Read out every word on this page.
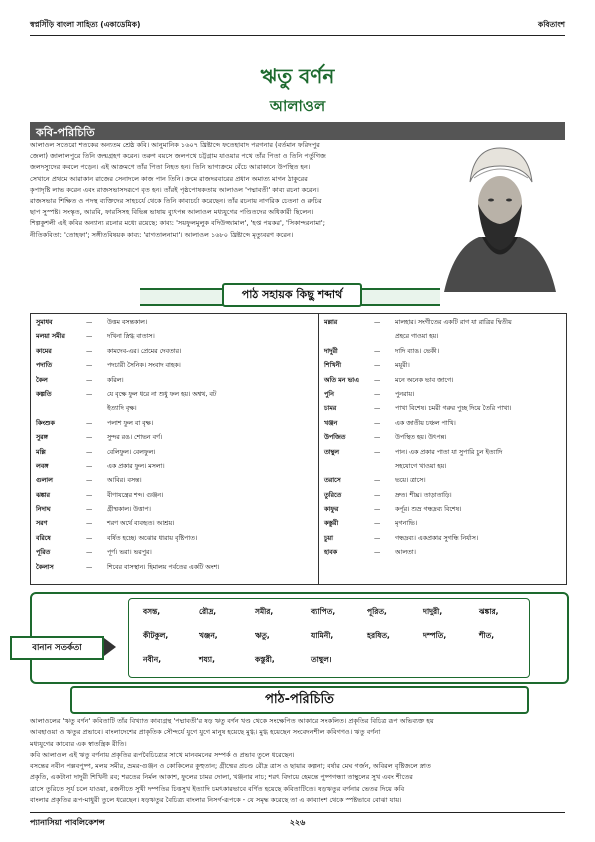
স্বপ্নসিঁড়ি বাংলা সাহিত্য (একাডেমিক)	কবিতাংশ
ঋতু বর্ণন
আলাওল
কবি-পরিচিতি
আলাওল সতেরো শতকের অন্যতম শ্রেষ্ঠ কবি। আনুমানিক ১৬০৭ খ্রিষ্টাব্দে ফতেহাবাদ পরগনার (বর্তমান ফরিদপুর
জেলা) জালালপুরে তিনি জন্মগ্রহণ করেন। তরুণ বয়সে জলপথে চট্টগ্রাম যাওয়ার পথে তাঁর পিতা ও তিনি পর্তুগিজ
জলদস্যুদের কবলে পড়েন। এই আক্রমণে তাঁর পিতা নিহত হন। তিনি ভাগ্যক্রমে বেঁচে আরাকানে উপস্থিত হন।
সেখানে প্রথমে আরাকান রাজের সেনাদলে কাজ পান তিনি। ক্রমে রাজদরবারের প্রধান অমাত্য মাগন ঠাকুরের
কৃপাদৃষ্টি লাভ করেন এবং রাজসভাসদরূপে বৃত হন। তাঁরই পৃষ্ঠপোষকতায় আলাওল 'পদ্মাবতী' কাব্য রচনা করেন।
রাজসভার শিক্ষিত ও পদস্থ ব্যক্তিদের সাহচর্যে থেকে তিনি কাব্যচর্চা করেছেন। তাঁর রচনায় নাগরিক চেতনা ও রুচির
ছাপ সুস্পষ্ট। সংস্কৃত, আরবি, ফারসিসহ বিভিন্ন ভাষায় ব্যুৎপন্ন আলাওল মধ্যযুগের পণ্ডিতদের অধিকারী ছিলেন।
শিল্পকুশলী এই কবির অন্যান্য রচনার মধ্যে রয়েছে: কাব্য: 'সয়ফুলমুলুক বদিউজ্জামাল', 'হপ্ত পয়কর', 'সিকান্দরনামা';
নীতিকবিতা: 'তোহফা'; সঙ্গীতবিষয়ক কাব্য: 'রাগতালনামা'। আলাওল ১৬৮০ খ্রিষ্টাব্দে মৃত্যুবরণ করেন।
পাঠ সহায়ক কিছু শব্দার্থ
সুমাধব	— উত্তম বসন্তকাল।
মলয়া সমীর	— দখিনা স্নিগ্ধ বাতাস।
কামের	— কামদেব-এর। প্রেমের দেবতার।
পদাতি	— পদচারী সৈনিক। সংবাদ বাহক।
কৈল	— করিল।
কল্পতি	— যে বৃক্ষে ফুল ধরে না শুধু ফল হয়। অশ্বথ, বট
ইত্যাদি বৃক্ষ।
কিংশুক	— পলাশ ফুল বা বৃক্ষ।
সুরঙ্গ	— সুন্দর রঙ। শোভন বর্ণ।
মল্লি	— বেলিফুল। বেলফুল।
লবঙ্গ	— এক প্রকার ফুল। মসলা।
গুলাল	— আবির। বসন্ত।
ঝঙ্কার	— বীণাযন্ত্রের শব্দ। গুঞ্জন।
নিদাঘ	— গ্রীষ্মকাল। উত্তাপ।
সরণ	— শরণ অর্থে ব্যবহৃত। আশ্রয়।
বরিষে	— বর্ষিত হচ্ছে। অঝোর ধারায় বৃষ্টিপাত।
পূরিত	— পূর্ণ। ভরা। ভরপুর।
কৈলাস	— শিবের বাসস্থান। হিমালয় পর্বতের একটি অংশ।
মল্লার	— মালহার। সংগীতের একটি রাগ যা রাত্রির দ্বিতীয়
প্রহরে গাওয়া হয়।
দাদুরী	— দাদি ব্যাঙ। ভেকী।
শিখিনী	— ময়ূরী।
অতি মন ভাএ — মনে অনেক ভাব জাগে।
পুনি	— পুনরায়।
চামর	— পাখা বিশেষ। চমরী গরুর পুচ্ছ দিয়ে তৈরি পাখা।
খঞ্জন	— এক জাতীয় চঞ্চল পাখি।
উপজিত	— উপস্থিত হয়। উৎপন্ন।
তাম্বুল	— পান। এক প্রকার পাতা যা সুপারি চুন ইত্যাদি
সহযোগে খাওয়া হয়।
তরাসে	— ভয়ে। ত্রাসে।
তুরিতে	— দ্রুত। শীঘ্র। তাড়াতাড়ি।
কাফুর	— কর্পূর। শুভ্র গন্ধদ্রব্য বিশেষ।
কস্তুরী	— মৃগনাভি।
চুয়া	— গন্ধদ্রব্য। একপ্রকার সুগন্ধি নির্যাস।
হাবক	— আলতা।
বানান সতর্কতা
বসন্ত,	রৌদ্র,	সমীর,	ব্যাপিত,	পূরিত,	দাদুরী,	ঝঙ্কার,
কীটকুল,	খঞ্জন,	ঋতু,	যামিনী,	হরষিত,	দম্পতি,	শীত,
নবীন,	শয্যা,	কস্তুরী,	তাম্বুল।
পাঠ-পরিচিতি
আলাওলের 'ঋতু বর্ণন' কবিতাটি তাঁর বিখ্যাত কাব্যগ্রন্থ 'পদ্মাবতী'র ষড় ঋতু বর্ণন খণ্ড থেকে সংক্ষেপিত আকারে সংকলিত। প্রকৃতির বিচিত্র রূপ অভিব্যক্ত হয়
আবহাওয়া ও ঋতুর প্রভাবে। বাংলাদেশের প্রাকৃতিক সৌন্দর্যে যুগে যুগে মানুষ হয়েছে মুগ্ধ। মুগ্ধ হয়েছেন সংবেদনশীল কবিগণও। ঋতু বর্ণনা
মধ্যযুগের কাব্যের এক স্বাতন্ত্রিক রীতি।
কবি আলাওল এই ঋতু বর্ণনায় প্রকৃতির রূপবৈচিত্র্যের সাথে মানবমনের সম্পর্ক ও প্রভাব তুলে ধরেছেন।
বসন্তের নবীন পল্লবপুষ্প, মলয় সমীর, ভ্রমর-গুঞ্জন ও কোকিলের কুহুতান; গ্রীষ্মের প্রচণ্ড রৌদ্র ত্রাস ও ছায়ার কল্পনা; বর্ষার মেঘ গর্জন, অবিরল বৃষ্টিজলে স্নাত
প্রকৃতি, একটানা দাদুরী শিখিনী রব; শরতের নির্মল আকাশ, ফুলের চামর দোলা, খঞ্জনার নাচ; শরৎ বিদায়ে হেমন্তে পুষ্পগন্ধ্যা তাম্বুলের সুখ এবং শীতের
ত্রাসে তুরিতে সূর্য চলে যাওয়া, রজনীতে সুখী দম্পতির চিত্তসুখ ইত্যাদি চমৎকারভাবে বর্ণিত হয়েছে কবিতাটিতে। ষড়ঋতুর বর্ণনার ভেতর দিয়ে কবি
বাংলার প্রকৃতির রূপ-মাধুরী তুলে ধরেছেন। ষড়ঋতুর বৈচিত্র্য বাংলার নিসর্গ-রূপকে - যে সমৃদ্ধ করেছে তা এ কাব্যাংশ থেকে স্পষ্টভাবে বোঝা যায়।
প্যানাসিয়া পাবলিকেশন্স	২২৬
